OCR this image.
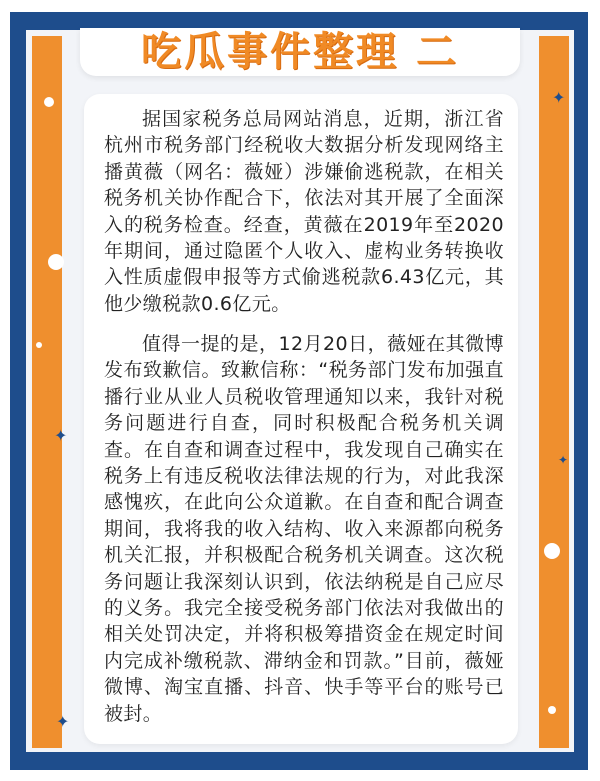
✦
✦
✦
✦
吃瓜事件整理 二

据国家税务总局网站消息，近期，浙江省杭州市税务部门经税收大数据分析发现网络主播黄薇（网名：薇娅）涉嫌偷逃税款，在相关税务机关协作配合下，依法对其开展了全面深入的税务检查。经查，黄薇在2019年至2020年期间，通过隐匿个人收入、虚构业务转换收入性质虚假申报等方式偷逃税款6.43亿元，其他少缴税款0.6亿元。

值得一提的是，12月20日，薇娅在其微博发布致歉信。致歉信称：“税务部门发布加强直播行业从业人员税收管理通知以来，我针对税务问题进行自查，同时积极配合税务机关调查。在自查和调查过程中，我发现自己确实在税务上有违反税收法律法规的行为，对此我深感愧疚，在此向公众道歉。在自查和配合调查期间，我将我的收入结构、收入来源都向税务机关汇报，并积极配合税务机关调查。这次税务问题让我深刻认识到，依法纳税是自己应尽的义务。我完全接受税务部门依法对我做出的相关处罚决定，并将积极筹措资金在规定时间内完成补缴税款、滞纳金和罚款。”目前，薇娅微博、淘宝直播、抖音、快手等平台的账号已被封。
